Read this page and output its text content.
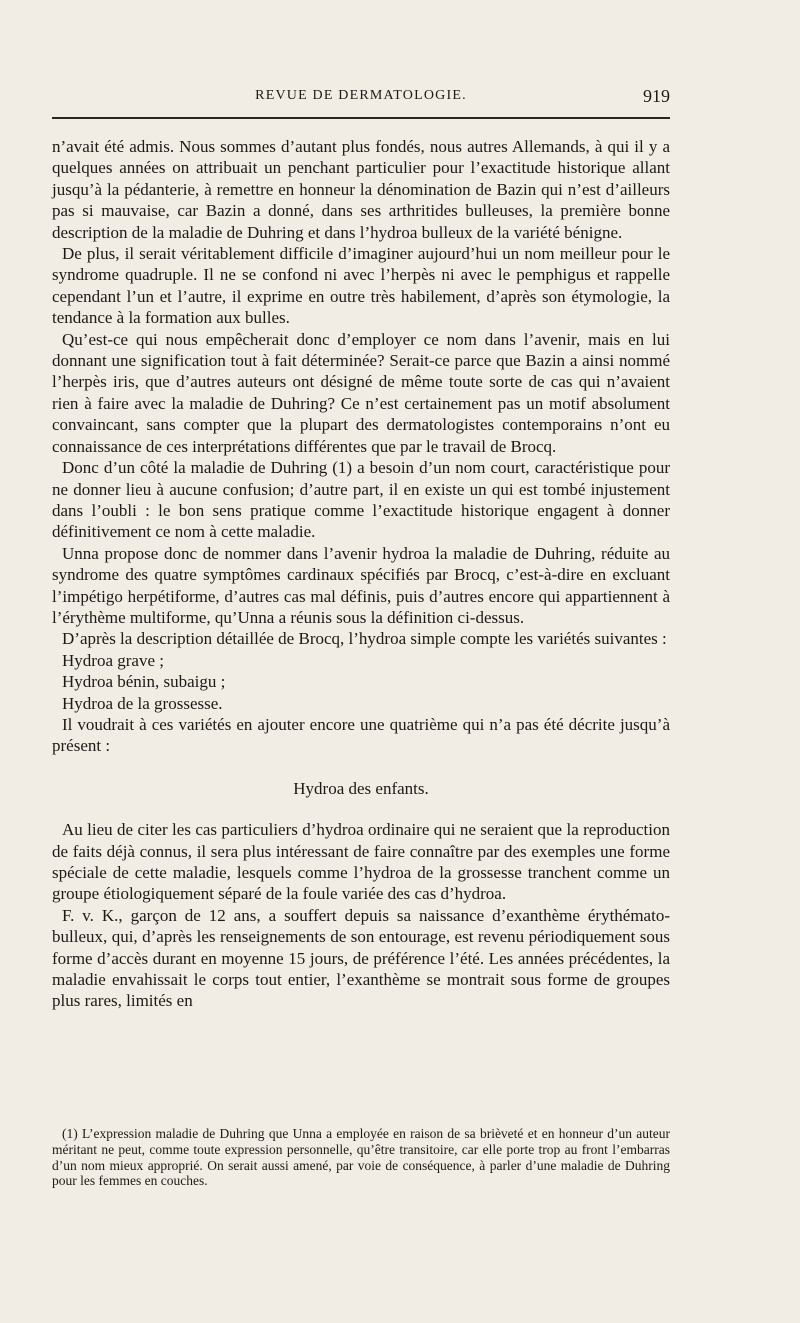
REVUE DE DERMATOLOGIE.	919

n’avait été admis. Nous sommes d’autant plus fondés, nous autres Allemands, à qui il y a quelques années on attribuait un penchant particulier pour l’exactitude historique allant jusqu’à la pédanterie, à remettre en honneur la dénomination de Bazin qui n’est d’ailleurs pas si mauvaise, car Bazin a donné, dans ses arthritides bulleuses, la première bonne description de la maladie de Duhring et dans l’hydroa bulleux de la variété bénigne.

De plus, il serait véritablement difficile d’imaginer aujourd’hui un nom meilleur pour le syndrome quadruple. Il ne se confond ni avec l’herpès ni avec le pemphigus et rappelle cependant l’un et l’autre, il exprime en outre très habilement, d’après son étymologie, la tendance à la formation aux bulles.

Qu’est-ce qui nous empêcherait donc d’employer ce nom dans l’avenir, mais en lui donnant une signification tout à fait déterminée? Serait-ce parce que Bazin a ainsi nommé l’herpès iris, que d’autres auteurs ont désigné de même toute sorte de cas qui n’avaient rien à faire avec la maladie de Duhring? Ce n’est certainement pas un motif absolument convaincant, sans compter que la plupart des dermatologistes contemporains n’ont eu connaissance de ces interprétations différentes que par le travail de Brocq.

Donc d’un côté la maladie de Duhring (1) a besoin d’un nom court, caractéristique pour ne donner lieu à aucune confusion; d’autre part, il en existe un qui est tombé injustement dans l’oubli : le bon sens pratique comme l’exactitude historique engagent à donner définitivement ce nom à cette maladie.

Unna propose donc de nommer dans l’avenir hydroa la maladie de Duhring, réduite au syndrome des quatre symptômes cardinaux spécifiés par Brocq, c’est-à-dire en excluant l’impétigo herpétiforme, d’autres cas mal définis, puis d’autres encore qui appartiennent à l’érythème multiforme, qu’Unna a réunis sous la définition ci-dessus.

D’après la description détaillée de Brocq, l’hydroa simple compte les variétés suivantes :

Hydroa grave ;

Hydroa bénin, subaigu ;

Hydroa de la grossesse.

Il voudrait à ces variétés en ajouter encore une quatrième qui n’a pas été décrite jusqu’à présent :

Hydroa des enfants.

Au lieu de citer les cas particuliers d’hydroa ordinaire qui ne seraient que la reproduction de faits déjà connus, il sera plus intéressant de faire connaître par des exemples une forme spéciale de cette maladie, lesquels comme l’hydroa de la grossesse tranchent comme un groupe étiologiquement séparé de la foule variée des cas d’hydroa.

F. v. K., garçon de 12 ans, a souffert depuis sa naissance d’exanthème érythémato-bulleux, qui, d’après les renseignements de son entourage, est revenu périodiquement sous forme d’accès durant en moyenne 15 jours, de préférence l’été. Les années précédentes, la maladie envahissait le corps tout entier, l’exanthème se montrait sous forme de groupes plus rares, limités en

(1) L’expression maladie de Duhring que Unna a employée en raison de sa brièveté et en honneur d’un auteur méritant ne peut, comme toute expression personnelle, qu’être transitoire, car elle porte trop au front l’embarras d’un nom mieux approprié. On serait aussi amené, par voie de conséquence, à parler d’une maladie de Duhring pour les femmes en couches.
